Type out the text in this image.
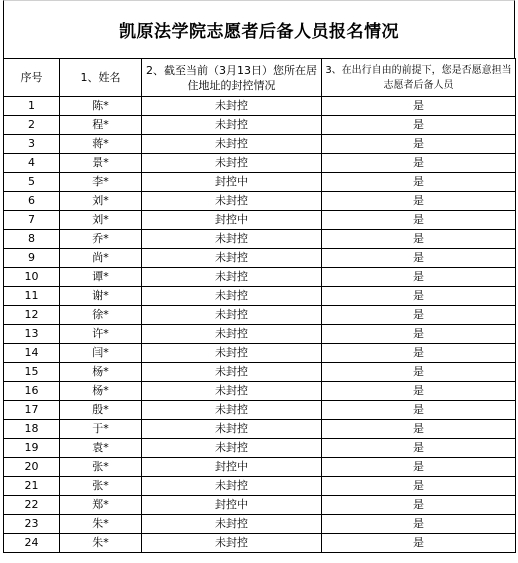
凯原法学院志愿者后备人员报名情况
序号	1、姓名	2、截至当前（3月13日）您所在居住地址的封控情况	3、在出行自由的前提下，您是否愿意担当志愿者后备人员
1	陈*	未封控	是
2	程*	未封控	是
3	蒋*	未封控	是
4	景*	未封控	是
5	李*	封控中	是
6	刘*	未封控	是
7	刘*	封控中	是
8	乔*	未封控	是
9	尚*	未封控	是
10	谭*	未封控	是
11	谢*	未封控	是
12	徐*	未封控	是
13	许*	未封控	是
14	闫*	未封控	是
15	杨*	未封控	是
16	杨*	未封控	是
17	殷*	未封控	是
18	于*	未封控	是
19	袁*	未封控	是
20	张*	封控中	是
21	张*	未封控	是
22	郑*	封控中	是
23	朱*	未封控	是
24	朱*	未封控	是
